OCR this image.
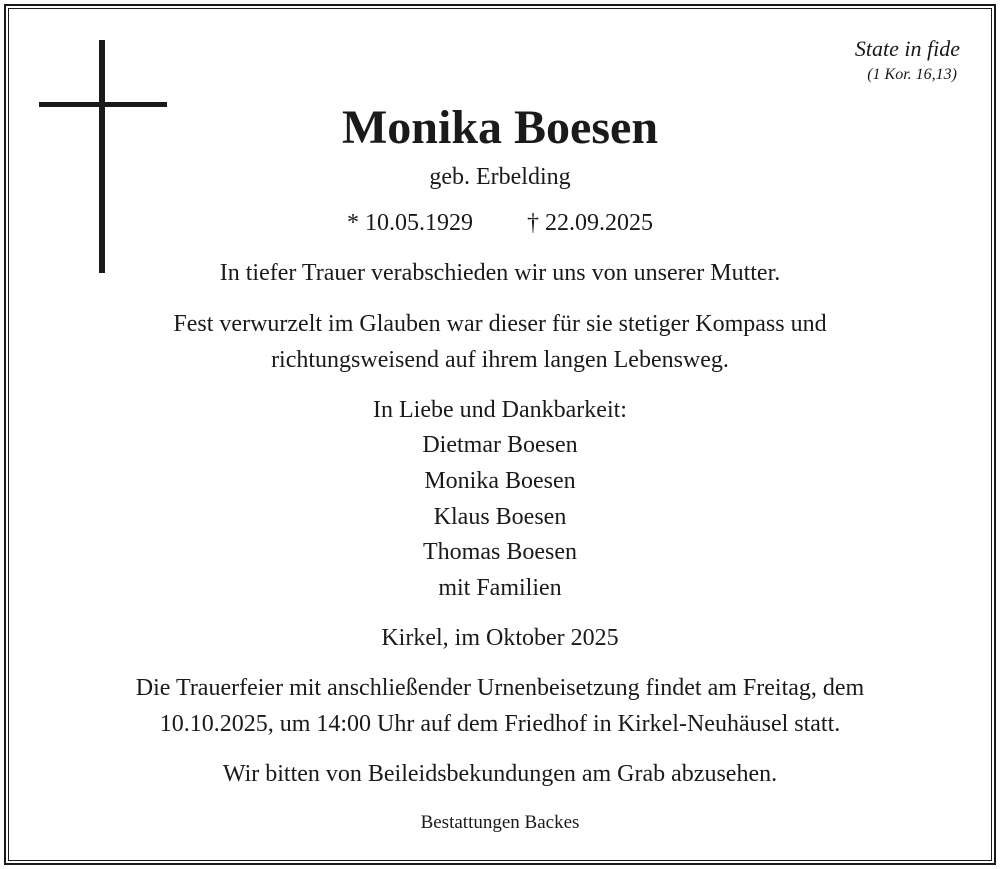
State in fide
(1 Kor. 16,13)
Monika Boesen
geb. Erbelding
* 10.05.1929 † 22.09.2025
In tiefer Trauer verabschieden wir uns von unserer Mutter.
Fest verwurzelt im Glauben war dieser für sie stetiger Kompass und
richtungsweisend auf ihrem langen Lebensweg.
In Liebe und Dankbarkeit:
Dietmar Boesen
Monika Boesen
Klaus Boesen
Thomas Boesen
mit Familien
Kirkel, im Oktober 2025
Die Trauerfeier mit anschließender Urnenbeisetzung findet am Freitag, dem
10.10.2025, um 14:00 Uhr auf dem Friedhof in Kirkel-Neuhäusel statt.
Wir bitten von Beileidsbekundungen am Grab abzusehen.
Bestattungen Backes
